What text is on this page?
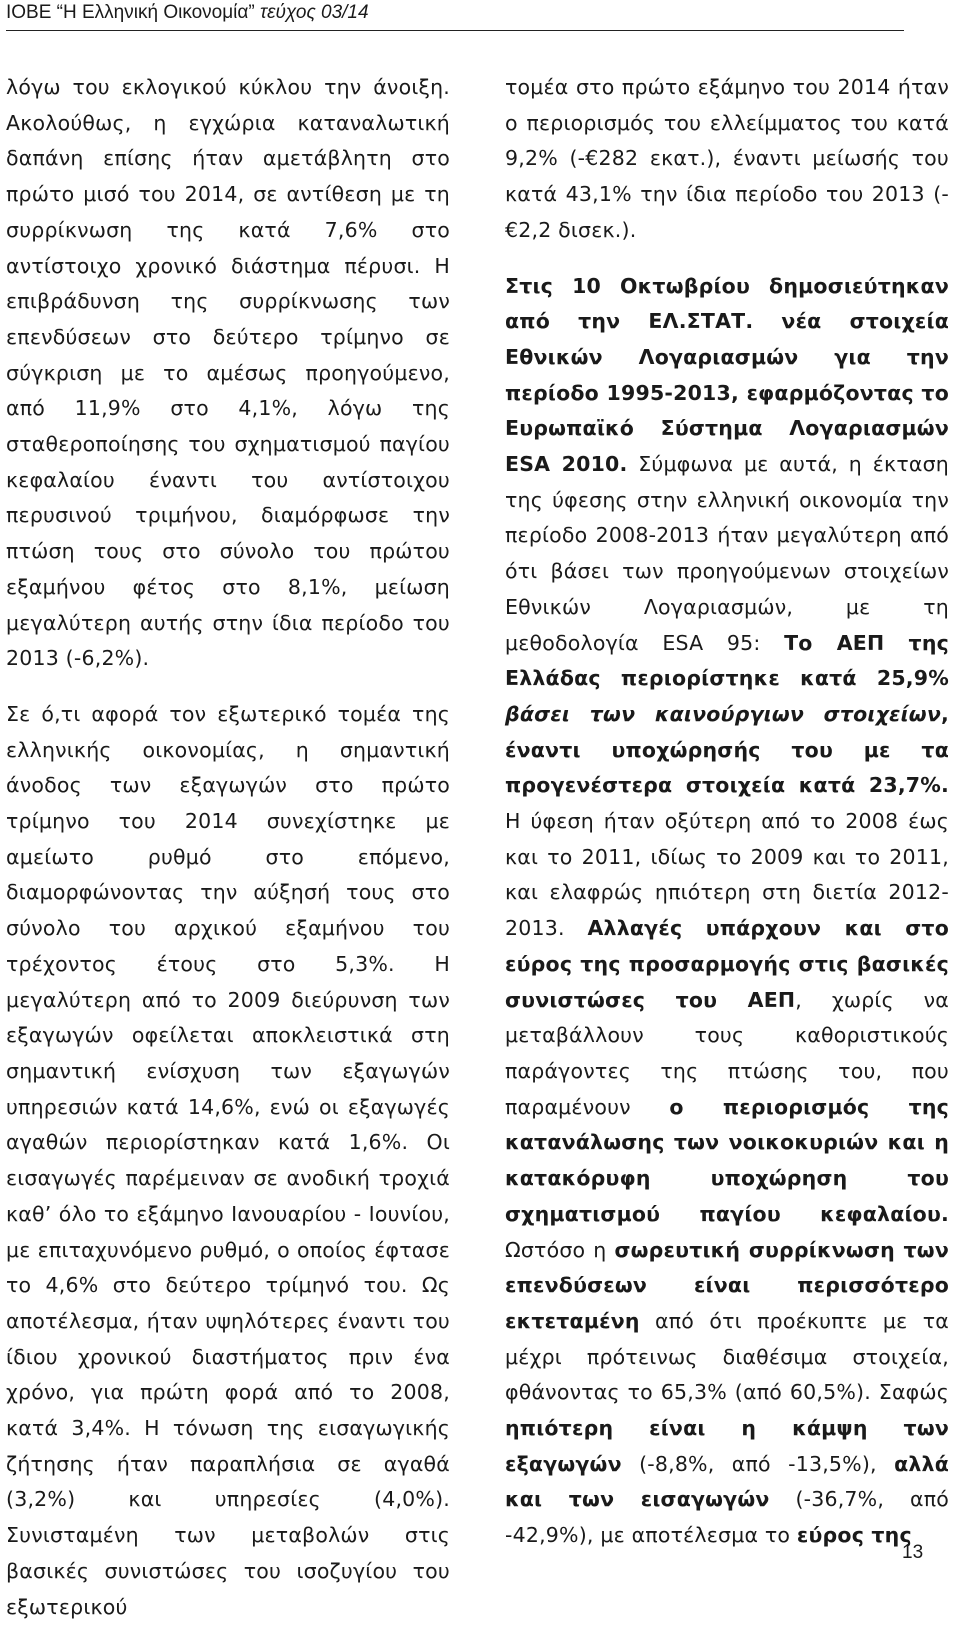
ΙΟΒΕ “Η Ελληνική Οικονομία” τεύχος 03/14

λόγω του εκλογικού κύκλου την άνοιξη. Ακολούθως, η εγχώρια καταναλωτική δαπάνη επίσης ήταν αμετάβλητη στο πρώτο μισό του 2014, σε αντίθεση με τη συρρίκνωση της κατά 7,6% στο αντίστοιχο χρονικό διάστημα πέρυσι. Η επιβράδυνση της συρρίκνωσης των επενδύσεων στο δεύτερο τρίμηνο σε σύγκριση με το αμέσως προηγούμενο, από 11,9% στο 4,1%, λόγω της σταθεροποίησης του σχηματισμού παγίου κεφαλαίου έναντι του αντίστοιχου περυσινού τριμήνου, διαμόρφωσε την πτώση τους στο σύνολο του πρώτου εξαμήνου φέτος στο 8,1%, μείωση μεγαλύτερη αυτής στην ίδια περίοδο του 2013 (-6,2%).

Σε ό,τι αφορά τον εξωτερικό τομέα της ελληνικής οικονομίας, η σημαντική άνοδος των εξαγωγών στο πρώτο τρίμηνο του 2014 συνεχίστηκε με αμείωτο ρυθμό στο επόμενο, διαμορφώνοντας την αύξησή τους στο σύνολο του αρχικού εξαμήνου του τρέχοντος έτους στο 5,3%. Η μεγαλύτερη από το 2009 διεύρυνση των εξαγωγών οφείλεται αποκλειστικά στη σημαντική ενίσχυση των εξαγωγών υπηρεσιών κατά 14,6%, ενώ οι εξαγωγές αγαθών περιορίστηκαν κατά 1,6%. Οι εισαγωγές παρέμειναν σε ανοδική τροχιά καθ’ όλο το εξάμηνο Ιανουαρίου - Ιουνίου, με επιταχυνόμενο ρυθμό, ο οποίος έφτασε το 4,6% στο δεύτερο τρίμηνό του. Ως αποτέλεσμα, ήταν υψηλότερες έναντι του ίδιου χρονικού διαστήματος πριν ένα χρόνο, για πρώτη φορά από το 2008, κατά 3,4%. Η τόνωση της εισαγωγικής ζήτησης ήταν παραπλήσια σε αγαθά (3,2%) και υπηρεσίες (4,0%). Συνισταμένη των μεταβολών στις βασικές συνιστώσες του ισοζυγίου του εξωτερικού

τομέα στο πρώτο εξάμηνο του 2014 ήταν ο περιορισμός του ελλείμματος του κατά 9,2% (-€282 εκατ.), έναντι μείωσής του κατά 43,1% την ίδια περίοδο του 2013 (-€2,2 δισεκ.).

Στις 10 Οκτωβρίου δημοσιεύτηκαν από την ΕΛ.ΣΤΑΤ. νέα στοιχεία Εθνικών Λογαριασμών για την περίοδο 1995-2013, εφαρμόζοντας το Ευρωπαϊκό Σύστημα Λογαριασμών ESA 2010. Σύμφωνα με αυτά, η έκταση της ύφεσης στην ελληνική οικονομία την περίοδο 2008-2013 ήταν μεγαλύτερη από ότι βάσει των προηγούμενων στοιχείων Εθνικών Λογαριασμών, με τη μεθοδολογία ESA 95: Το ΑΕΠ της Ελλάδας περιορίστηκε κατά 25,9% βάσει των καινούργιων στοιχείων, έναντι υποχώρησής του με τα προγενέστερα στοιχεία κατά 23,7%. Η ύφεση ήταν οξύτερη από το 2008 έως και το 2011, ιδίως το 2009 και το 2011, και ελαφρώς ηπιότερη στη διετία 2012-2013. Αλλαγές υπάρχουν και στο εύρος της προσαρμογής στις βασικές συνιστώσες του ΑΕΠ, χωρίς να μεταβάλλουν τους καθοριστικούς παράγοντες της πτώσης του, που παραμένουν ο περιορισμός της κατανάλωσης των νοικοκυριών και η κατακόρυφη υποχώρηση του σχηματισμού παγίου κεφαλαίου. Ωστόσο η σωρευτική συρρίκνωση των επενδύσεων είναι περισσότερο εκτεταμένη από ότι προέκυπτε με τα μέχρι πρότεινως διαθέσιμα στοιχεία, φθάνοντας το 65,3% (από 60,5%). Σαφώς ηπιότερη είναι η κάμψη των εξαγωγών (-8,8%, από -13,5%), αλλά και των εισαγωγών (-36,7%, από -42,9%), με αποτέλεσμα το εύρος της

13
